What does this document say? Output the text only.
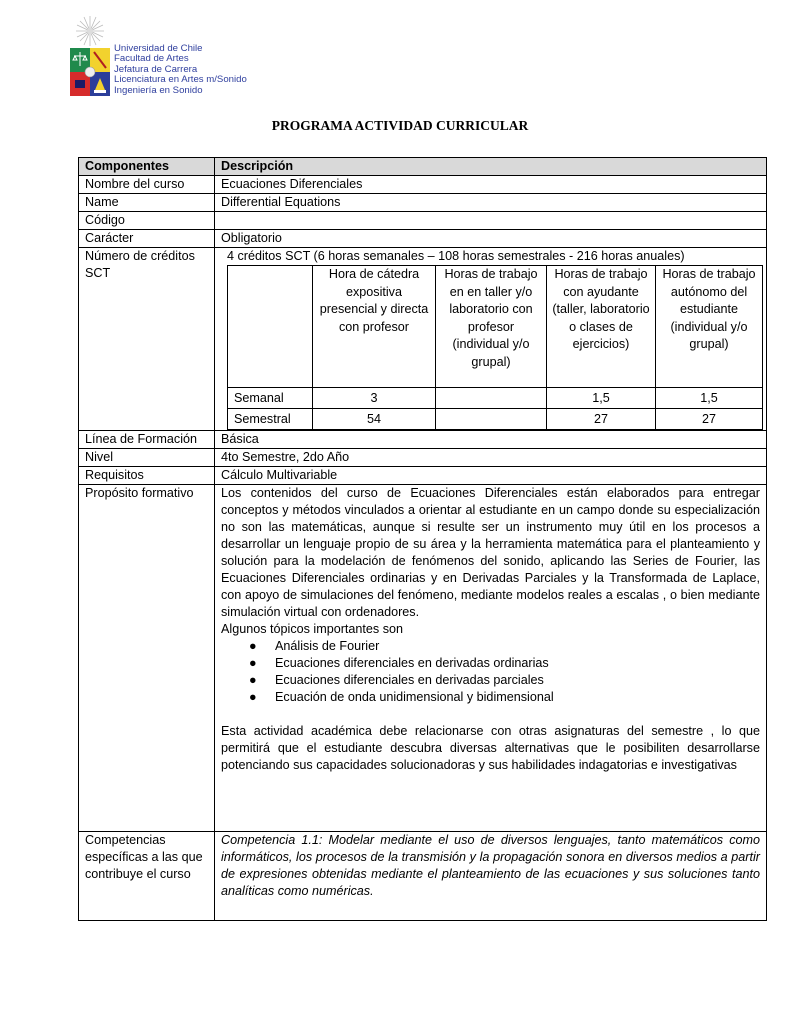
Universidad de Chile
Facultad de Artes
Jefatura de Carrera
Licenciatura en Artes m/Sonido
Ingeniería en Sonido
PROGRAMA ACTIVIDAD CURRICULAR
Componentes	Descripción
Nombre del curso	Ecuaciones Diferenciales
Name	Differential Equations
Código	
Carácter	Obligatorio
Número de créditos SCT	
4 créditos SCT (6 horas semanales – 108 horas semestrales - 216 horas anuales)
	Hora de cátedra expositiva presencial y directa con profesor	Horas de trabajo en en taller y/o laboratorio con profesor (individual y/o grupal)	Horas de trabajo con ayudante (taller, laboratorio o clases de ejercicios)	Horas de trabajo autónomo del estudiante (individual y/o grupal)
Semanal	3		1,5	1,5
Semestral	54		27	27

Línea de Formación	Básica
Nivel	4to Semestre, 2do Año
Requisitos	Cálculo Multivariable
Propósito formativo	Los contenidos del curso de Ecuaciones Diferenciales están elaborados para entregar conceptos y métodos vinculados a orientar al estudiante en un campo donde su especialización no son las matemáticas, aunque si resulte ser un instrumento muy útil en los procesos a desarrollar un lenguaje propio de su área y la herramienta matemática para el planteamiento y solución para la modelación de fenómenos del sonido, aplicando las Series de Fourier, las Ecuaciones Diferenciales ordinarias y en Derivadas Parciales y la Transformada de Laplace, con apoyo de simulaciones del fenómeno, mediante modelos reales a escalas , o bien mediante simulación virtual con ordenadores.
Algunos tópicos importantes son
● Análisis de Fourier
● Ecuaciones diferenciales en derivadas ordinarias
● Ecuaciones diferenciales en derivadas parciales
● Ecuación de onda unidimensional y bidimensional
Esta actividad académica debe relacionarse con otras asignaturas del semestre , lo que permitirá que el estudiante descubra diversas alternativas que le posibiliten desarrollarse potenciando sus capacidades solucionadoras y sus habilidades indagatorias e investigativas

Competencias específicas a las que contribuye el curso	Competencia 1.1: Modelar mediante el uso de diversos lenguajes, tanto matemáticos como informáticos, los procesos de la transmisión y la propagación sonora en diversos medios a partir de expresiones obtenidas mediante el planteamiento de las ecuaciones y sus soluciones tanto analíticas como numéricas.
